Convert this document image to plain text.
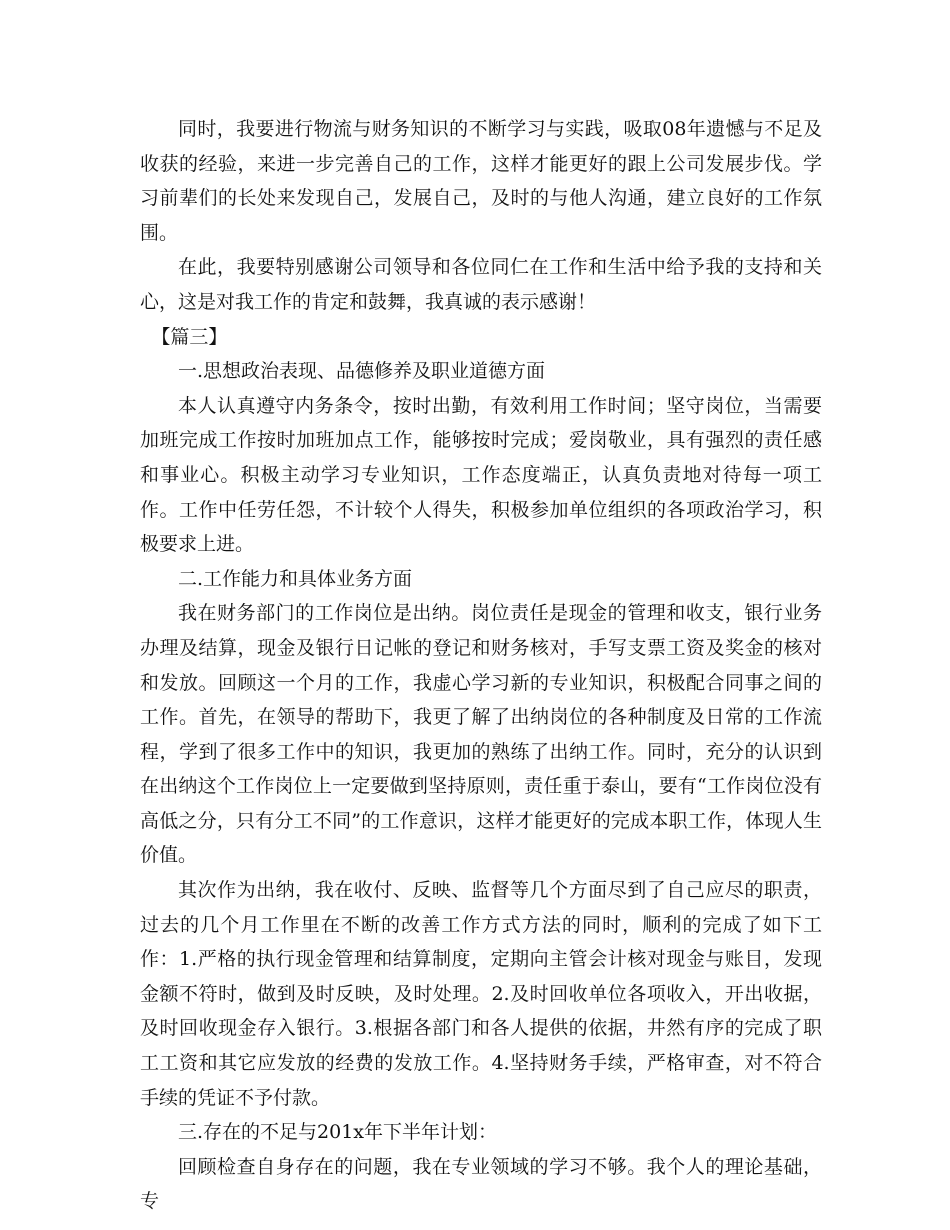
同时，我要进行物流与财务知识的不断学习与实践，吸取08年遗憾与不足及收获的经验，来进一步完善自己的工作，这样才能更好的跟上公司发展步伐。学习前辈们的长处来发现自己，发展自己，及时的与他人沟通，建立良好的工作氛围。

在此，我要特别感谢公司领导和各位同仁在工作和生活中给予我的支持和关心，这是对我工作的肯定和鼓舞，我真诚的表示感谢！

【篇三】

一.思想政治表现、品德修养及职业道德方面

本人认真遵守内务条令，按时出勤，有效利用工作时间；坚守岗位，当需要加班完成工作按时加班加点工作，能够按时完成；爱岗敬业，具有强烈的责任感和事业心。积极主动学习专业知识，工作态度端正，认真负责地对待每一项工作。工作中任劳任怨，不计较个人得失，积极参加单位组织的各项政治学习，积极要求上进。

二.工作能力和具体业务方面

我在财务部门的工作岗位是出纳。岗位责任是现金的管理和收支，银行业务办理及结算，现金及银行日记帐的登记和财务核对，手写支票工资及奖金的核对和发放。回顾这一个月的工作，我虚心学习新的专业知识，积极配合同事之间的工作。首先，在领导的帮助下，我更了解了出纳岗位的各种制度及日常的工作流程，学到了很多工作中的知识，我更加的熟练了出纳工作。同时，充分的认识到在出纳这个工作岗位上一定要做到坚持原则，责任重于泰山，要有“工作岗位没有高低之分，只有分工不同”的工作意识，这样才能更好的完成本职工作，体现人生价值。

其次作为出纳，我在收付、反映、监督等几个方面尽到了自己应尽的职责，过去的几个月工作里在不断的改善工作方式方法的同时，顺利的完成了如下工作：1.严格的执行现金管理和结算制度，定期向主管会计核对现金与账目，发现金额不符时，做到及时反映，及时处理。2.及时回收单位各项收入，开出收据，及时回收现金存入银行。3.根据各部门和各人提供的依据，井然有序的完成了职工工资和其它应发放的经费的发放工作。4.坚持财务手续，严格审查，对不符合手续的凭证不予付款。

三.存在的不足与201x年下半年计划：

回顾检查自身存在的问题，我在专业领域的学习不够。我个人的理论基础，专
